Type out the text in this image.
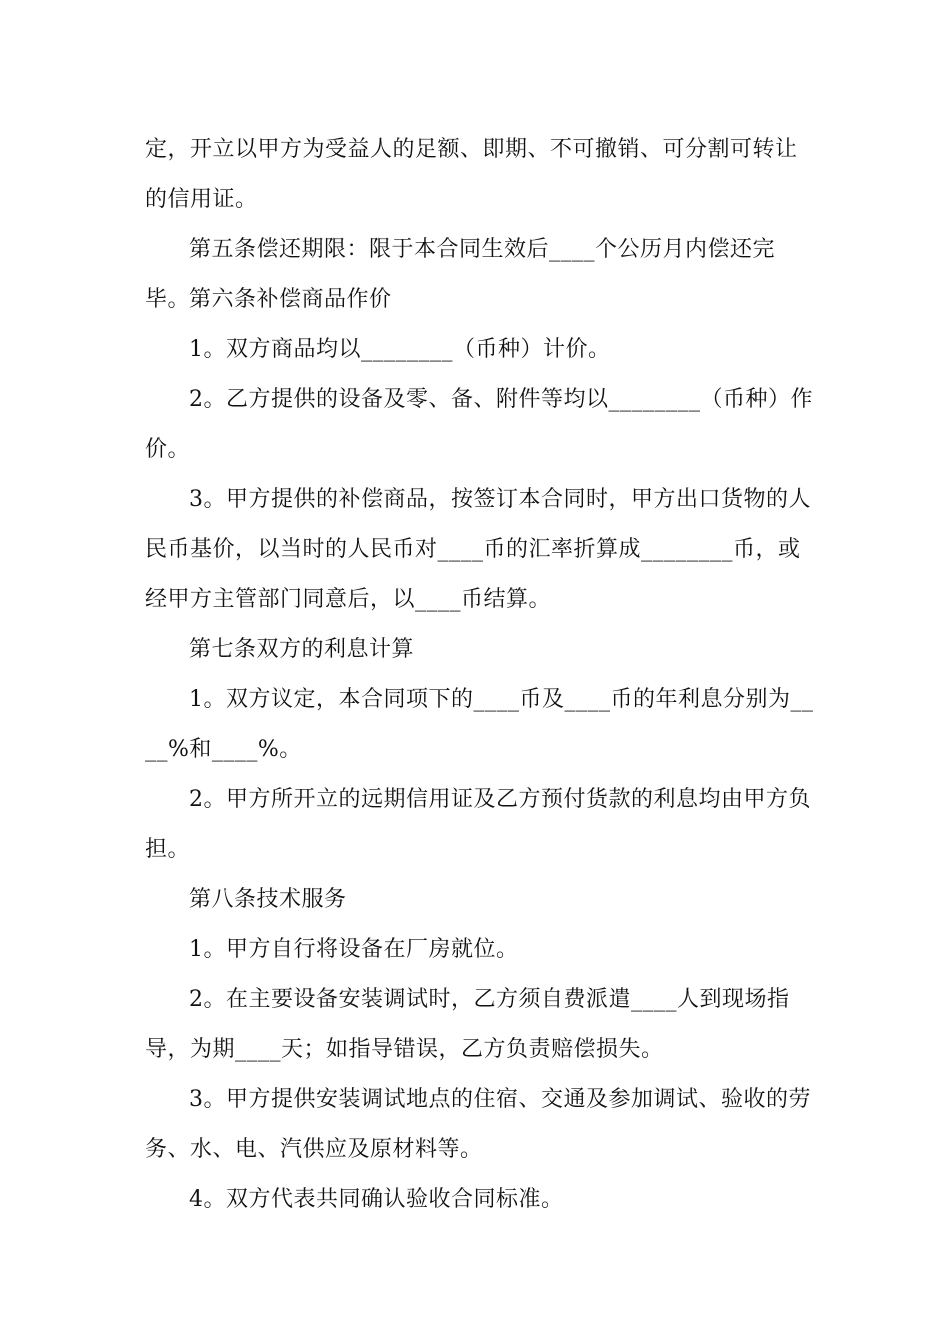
定，开立以甲方为受益人的足额、即期、不可撤销、可分割可转让的信用证。

第五条偿还期限：限于本合同生效后____个公历月内偿还完毕。

第六条补偿商品作价

1。双方商品均以________（币种）计价。

2。乙方提供的设备及零、备、附件等均以________（币种）作价。

3。甲方提供的补偿商品，按签订本合同时，甲方出口货物的人民币基价，以当时的人民币对____币的汇率折算成________币，或经甲方主管部门同意后，以____币结算。

第七条双方的利息计算

1。双方议定，本合同项下的____币及____币的年利息分别为____%和____%。

2。甲方所开立的远期信用证及乙方预付货款的利息均由甲方负担。

第八条技术服务

1。甲方自行将设备在厂房就位。

2。在主要设备安装调试时，乙方须自费派遣____人到现场指导，为期____天；如指导错误，乙方负责赔偿损失。

3。甲方提供安装调试地点的住宿、交通及参加调试、验收的劳务、水、电、汽供应及原材料等。

4。双方代表共同确认验收合同标准。
